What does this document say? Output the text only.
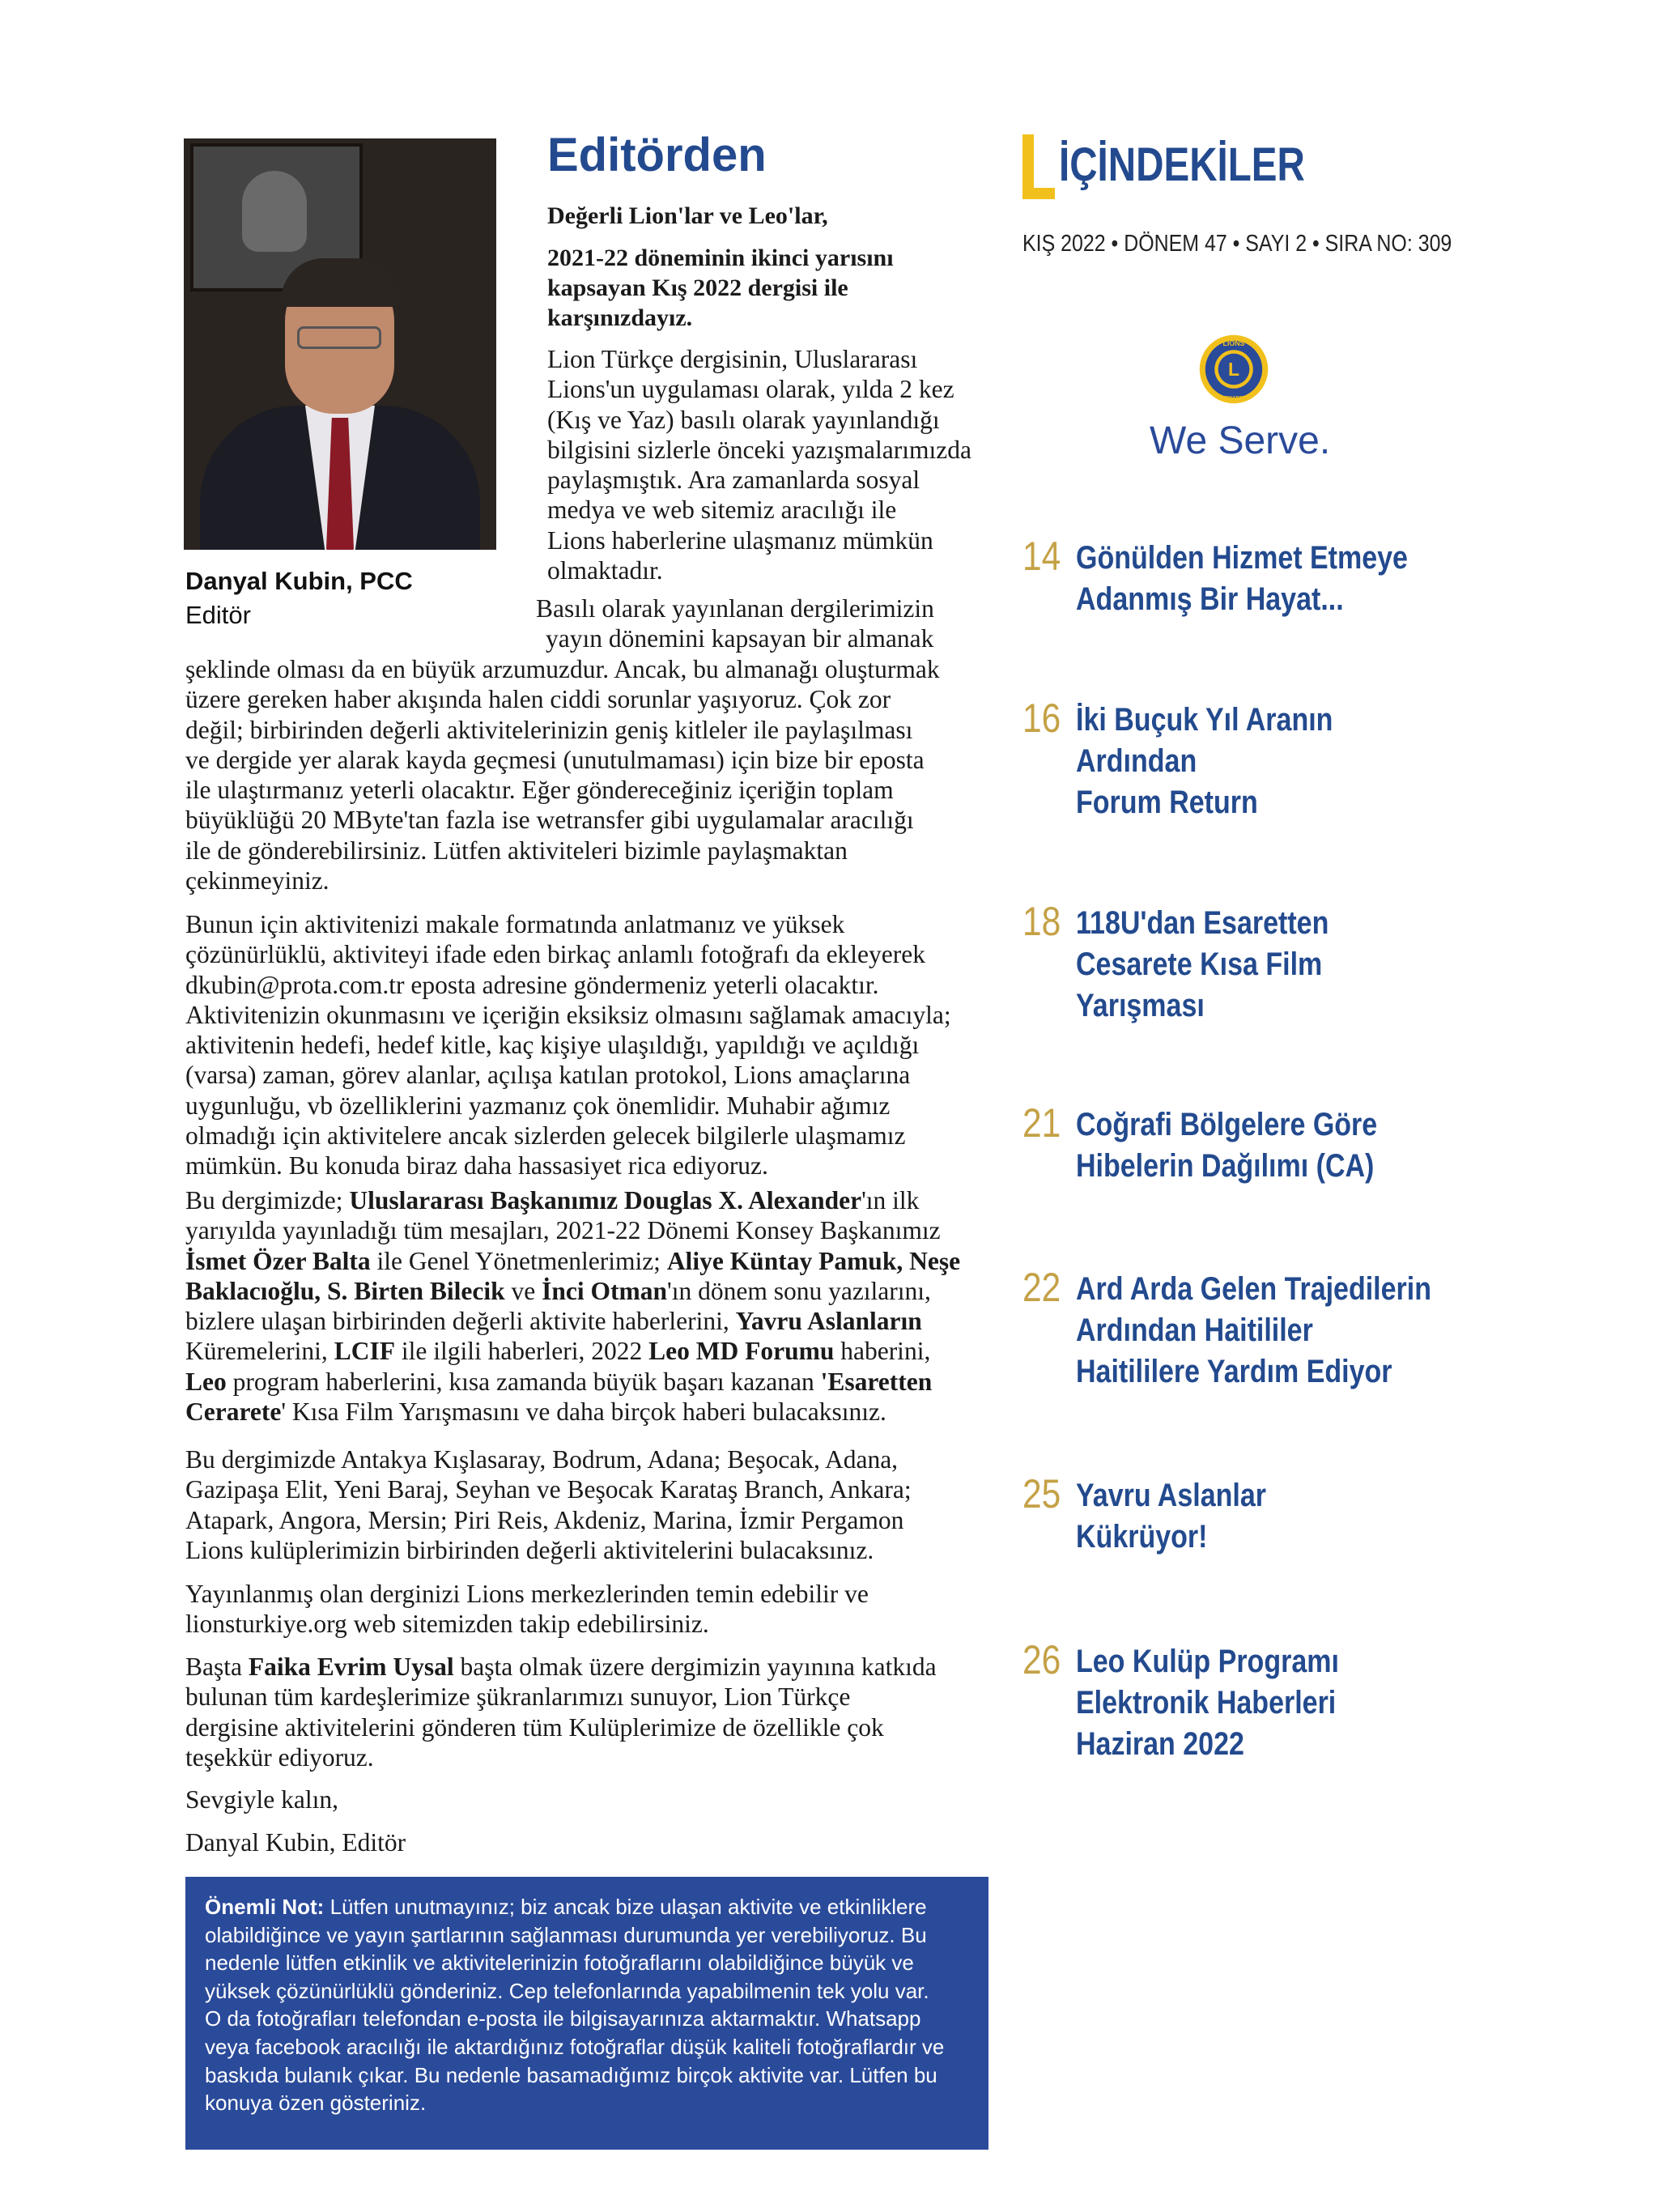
Danyal Kubin, PCC
Editör
Editörden
Değerli Lion'lar ve Leo'lar,
2021-22 döneminin ikinci yarısını
kapsayan Kış 2022 dergisi ile
karşınızdayız.
Lion Türkçe dergisinin, Uluslararası
Lions'un uygulaması olarak, yılda 2 kez
(Kış ve Yaz) basılı olarak yayınlandığı
bilgisini sizlerle önceki yazışmalarımızda
paylaşmıştık. Ara zamanlarda sosyal
medya ve web sitemiz aracılığı ile
Lions haberlerine ulaşmanız mümkün
olmaktadır.
Basılı olarak yayınlanan dergilerimizin
yayın dönemini kapsayan bir almanak
şeklinde olması da en büyük arzumuzdur. Ancak, bu almanağı oluşturmak
üzere gereken haber akışında halen ciddi sorunlar yaşıyoruz. Çok zor
değil; birbirinden değerli aktivitelerinizin geniş kitleler ile paylaşılması
ve dergide yer alarak kayda geçmesi (unutulmaması) için bize bir eposta
ile ulaştırmanız yeterli olacaktır. Eğer göndereceğiniz içeriğin toplam
büyüklüğü 20 MByte'tan fazla ise wetransfer gibi uygulamalar aracılığı
ile de gönderebilirsiniz. Lütfen aktiviteleri bizimle paylaşmaktan
çekinmeyiniz.
Bunun için aktivitenizi makale formatında anlatmanız ve yüksek
çözünürlüklü, aktiviteyi ifade eden birkaç anlamlı fotoğrafı da ekleyerek
dkubin@prota.com.tr eposta adresine göndermeniz yeterli olacaktır.
Aktivitenizin okunmasını ve içeriğin eksiksiz olmasını sağlamak amacıyla;
aktivitenin hedefi, hedef kitle, kaç kişiye ulaşıldığı, yapıldığı ve açıldığı
(varsa) zaman, görev alanlar, açılışa katılan protokol, Lions amaçlarına
uygunluğu, vb özelliklerini yazmanız çok önemlidir. Muhabir ağımız
olmadığı için aktivitelere ancak sizlerden gelecek bilgilerle ulaşmamız
mümkün. Bu konuda biraz daha hassasiyet rica ediyoruz.
Bu dergimizde; Uluslararası Başkanımız Douglas X. Alexander'ın ilk
yarıyılda yayınladığı tüm mesajları, 2021-22 Dönemi Konsey Başkanımız
İsmet Özer Balta ile Genel Yönetmenlerimiz; Aliye Küntay Pamuk, Neşe
Baklacıoğlu, S. Birten Bilecik ve İnci Otman'ın dönem sonu yazılarını,
bizlere ulaşan birbirinden değerli aktivite haberlerini, Yavru Aslanların
Küremelerini, LCIF ile ilgili haberleri, 2022 Leo MD Forumu haberini,
Leo program haberlerini, kısa zamanda büyük başarı kazanan 'Esaretten
Cerarete' Kısa Film Yarışmasını ve daha birçok haberi bulacaksınız.
Bu dergimizde Antakya Kışlasaray, Bodrum, Adana; Beşocak, Adana,
Gazipaşa Elit, Yeni Baraj, Seyhan ve Beşocak Karataş Branch, Ankara;
Atapark, Angora, Mersin; Piri Reis, Akdeniz, Marina, İzmir Pergamon
Lions kulüplerimizin birbirinden değerli aktivitelerini bulacaksınız.
Yayınlanmış olan derginizi Lions merkezlerinden temin edebilir ve
lionsturkiye.org web sitemizden takip edebilirsiniz.
Başta Faika Evrim Uysal başta olmak üzere dergimizin yayınına katkıda
bulunan tüm kardeşlerimize şükranlarımızı sunuyor, Lion Türkçe
dergisine aktivitelerini gönderen tüm Kulüplerimize de özellikle çok
teşekkür ediyoruz.
Sevgiyle kalın,
Danyal Kubin, Editör
Önemli Not: Lütfen unutmayınız; biz ancak bize ulaşan aktivite ve etkinliklere
olabildiğince ve yayın şartlarının sağlanması durumunda yer verebiliyoruz. Bu
nedenle lütfen etkinlik ve aktivitelerinizin fotoğraflarını olabildiğince büyük ve
yüksek çözünürlüklü gönderiniz. Cep telefonlarında yapabilmenin tek yolu var.
O da fotoğrafları telefondan e-posta ile bilgisayarınıza aktarmaktır. Whatsapp
veya facebook aracılığı ile aktardığınız fotoğraflar düşük kaliteli fotoğraflardır ve
baskıda bulanık çıkar. Bu nedenle basamadığımız birçok aktivite var. Lütfen bu
konuya özen gösteriniz.
İÇİNDEKİLER
KIŞ 2022 • DÖNEM 47 • SAYI 2 • SIRA NO: 309
LIONS
L
INTERNATIONAL
We Serve.
14 Gönülden Hizmet Etmeye
Adanmış Bir Hayat...
16 İki Buçuk Yıl Aranın
Ardından
Forum Return
18 118U'dan Esaretten
Cesarete Kısa Film
Yarışması
21 Coğrafi Bölgelere Göre
Hibelerin Dağılımı (CA)
22 Ard Arda Gelen Trajedilerin
Ardından Haitililer
Haitililere Yardım Ediyor
25 Yavru Aslanlar
Kükrüyor!
26 Leo Kulüp Programı
Elektronik Haberleri
Haziran 2022
